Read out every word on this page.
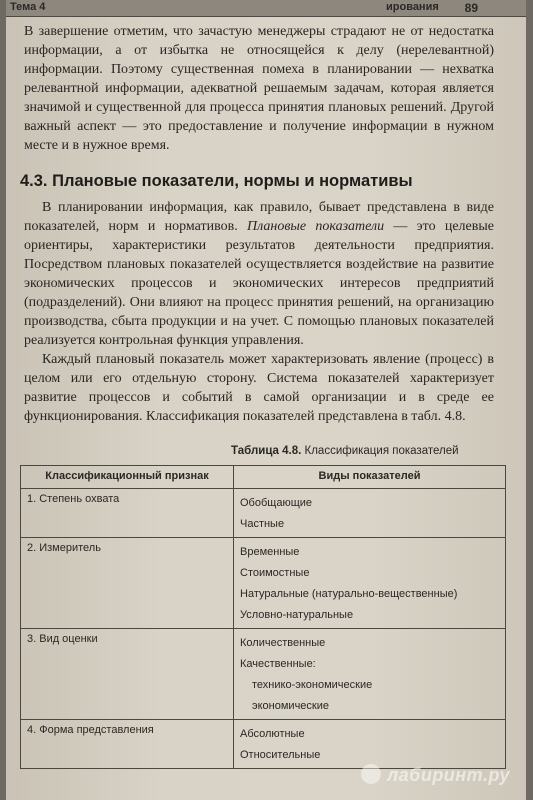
Тема 4	ирования 89

В завершение отметим, что зачастую менеджеры страдают не от недостатка информации, а от избытка не относящейся к делу (нерелевантной) информации. Поэтому существенная помеха в планировании — нехватка релевантной информации, адекватной решаемым задачам, которая является значимой и существенной для процесса принятия плановых решений. Другой важный аспект — это предоставление и получение информации в нужном месте и в нужное время.

4.3. Плановые показатели, нормы и нормативы

В планировании информация, как правило, бывает представлена в виде показателей, норм и нормативов. Плановые показатели — это целевые ориентиры, характеристики результатов деятельности предприятия. Посредством плановых показателей осуществляется воздействие на развитие экономических процессов и экономических интересов предприятий (подразделений). Они влияют на процесс принятия решений, на организацию производства, сбыта продукции и на учет. С помощью плановых показателей реализуется контрольная функция управления.

Каждый плановый показатель может характеризовать явление (процесс) в целом или его отдельную сторону. Система показателей характеризует развитие процессов и событий в самой организации и в среде ее функционирования. Классификация показателей представлена в табл. 4.8.

Таблица 4.8. Классификация показателей
Классификационный признак	Виды показателей
1. Степень охвата	Обобщающие
Частные

2. Измеритель	Временные
Стоимостные
Натуральные (натурально-вещественные)
Условно-натуральные

3. Вид оценки	Количественные
Качественные:
технико-экономические
экономические

4. Форма представления	Абсолютные
Относительные
лабиринт.ру
